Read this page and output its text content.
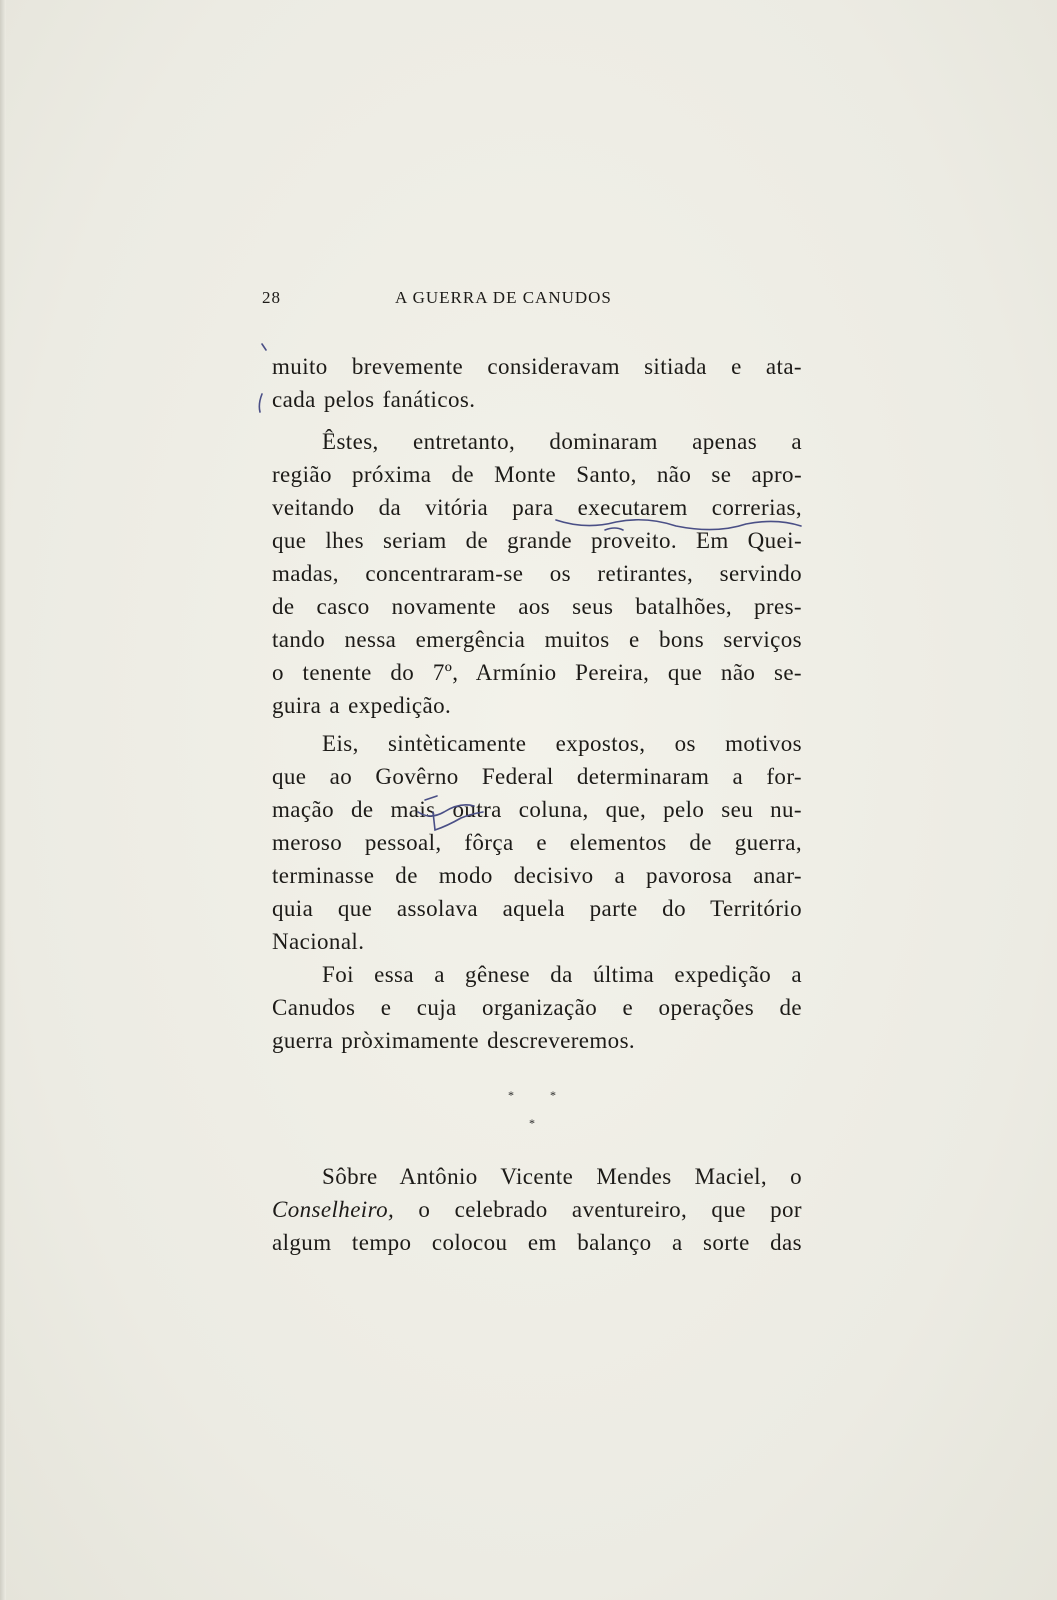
28	A GUERRA DE CANUDOS
muito brevemente consideravam sitiada e ata-
cada pelos fanáticos.
Êstes, entretanto, dominaram apenas a
região próxima de Monte Santo, não se apro-
veitando da vitória para executarem correrias,
que lhes seriam de grande proveito. Em Quei-
madas, concentraram-se os retirantes, servindo
de casco novamente aos seus batalhões, pres-
tando nessa emergência muitos e bons serviços
o tenente do 7º, Armínio Pereira, que não se-
guira a expedição.
Eis, sintèticamente expostos, os motivos
que ao Govêrno Federal determinaram a for-
mação de mais outra coluna, que, pelo seu nu-
meroso pessoal, fôrça e elementos de guerra,
terminasse de modo decisivo a pavorosa anar-
quia que assolava aquela parte do Território
Nacional.
Foi essa a gênese da última expedição a
Canudos e cuja organização e operações de
guerra pròximamente descreveremos.
*	*
*
Sôbre Antônio Vicente Mendes Maciel, o
Conselheiro, o celebrado aventureiro, que por
algum tempo colocou em balanço a sorte das
